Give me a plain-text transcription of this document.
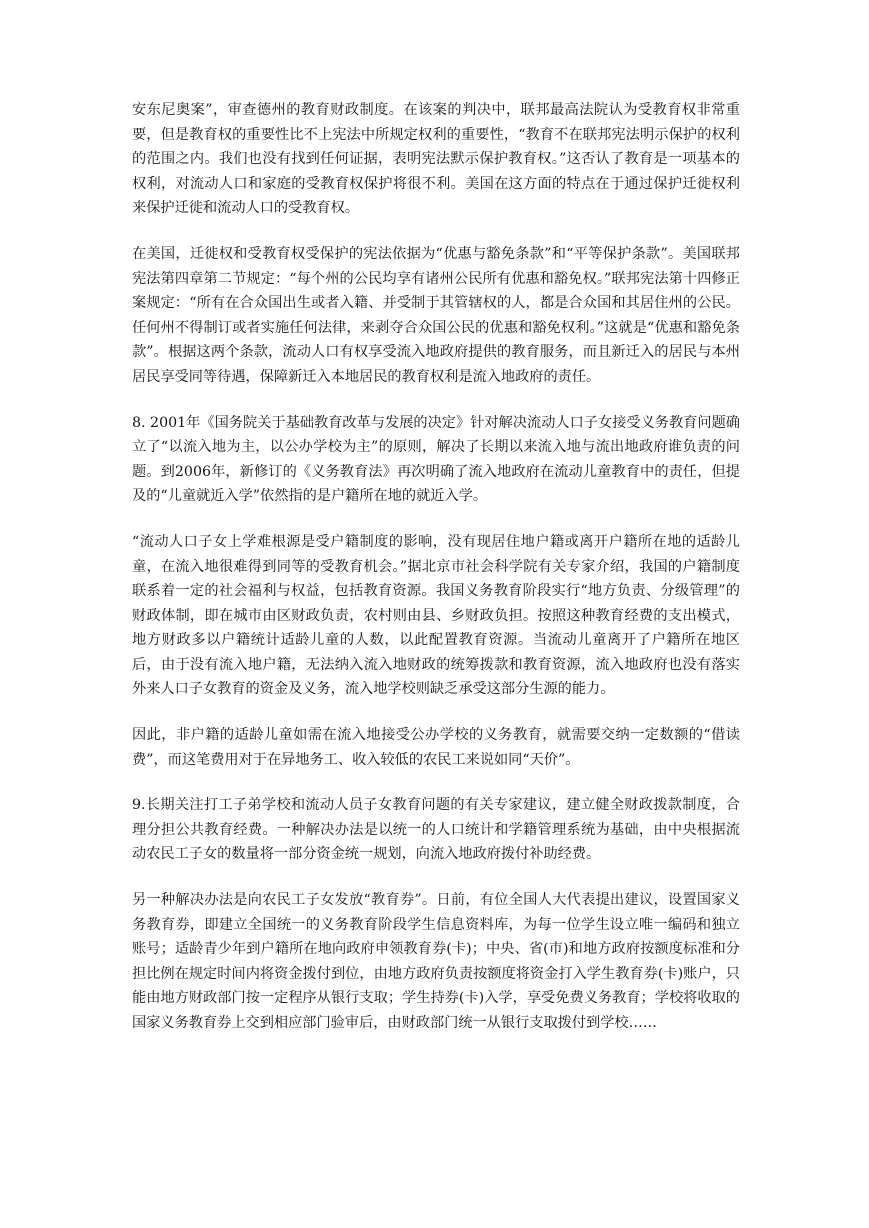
安东尼奥案”，审查德州的教育财政制度。在该案的判决中，联邦最高法院认为受教育权非常重要，但是教育权的重要性比不上宪法中所规定权利的重要性，“教育不在联邦宪法明示保护的权利的范围之内。我们也没有找到任何证据，表明宪法默示保护教育权。”这否认了教育是一项基本的权利，对流动人口和家庭的受教育权保护将很不利。美国在这方面的特点在于通过保护迁徙权利来保护迁徙和流动人口的受教育权。

在美国，迁徙权和受教育权受保护的宪法依据为“优惠与豁免条款”和“平等保护条款”。美国联邦宪法第四章第二节规定：“每个州的公民均享有诸州公民所有优惠和豁免权。”联邦宪法第十四修正案规定：“所有在合众国出生或者入籍、并受制于其管辖权的人，都是合众国和其居住州的公民。任何州不得制订或者实施任何法律，来剥夺合众国公民的优惠和豁免权利。”这就是“优惠和豁免条款”。根据这两个条款，流动人口有权享受流入地政府提供的教育服务，而且新迁入的居民与本州居民享受同等待遇，保障新迁入本地居民的教育权利是流入地政府的责任。

8. 2001年《国务院关于基础教育改革与发展的决定》针对解决流动人口子女接受义务教育问题确立了“以流入地为主，以公办学校为主”的原则，解决了长期以来流入地与流出地政府谁负责的问题。到2006年，新修订的《义务教育法》再次明确了流入地政府在流动儿童教育中的责任，但提及的“儿童就近入学”依然指的是户籍所在地的就近入学。

“流动人口子女上学难根源是受户籍制度的影响，没有现居住地户籍或离开户籍所在地的适龄儿童，在流入地很难得到同等的受教育机会。”据北京市社会科学院有关专家介绍，我国的户籍制度联系着一定的社会福利与权益，包括教育资源。我国义务教育阶段实行“地方负责、分级管理”的财政体制，即在城市由区财政负责，农村则由县、乡财政负担。按照这种教育经费的支出模式，地方财政多以户籍统计适龄儿童的人数，以此配置教育资源。当流动儿童离开了户籍所在地区后，由于没有流入地户籍，无法纳入流入地财政的统筹拨款和教育资源，流入地政府也没有落实外来人口子女教育的资金及义务，流入地学校则缺乏承受这部分生源的能力。

因此，非户籍的适龄儿童如需在流入地接受公办学校的义务教育，就需要交纳一定数额的“借读费”，而这笔费用对于在异地务工、收入较低的农民工来说如同“天价”。

9.长期关注打工子弟学校和流动人员子女教育问题的有关专家建议，建立健全财政拨款制度，合理分担公共教育经费。一种解决办法是以统一的人口统计和学籍管理系统为基础，由中央根据流动农民工子女的数量将一部分资金统一规划，向流入地政府拨付补助经费。

另一种解决办法是向农民工子女发放“教育券”。日前，有位全国人大代表提出建议，设置国家义务教育券，即建立全国统一的义务教育阶段学生信息资料库，为每一位学生设立唯一编码和独立账号；适龄青少年到户籍所在地向政府申领教育券(卡)；中央、省(市)和地方政府按额度标准和分担比例在规定时间内将资金拨付到位，由地方政府负责按额度将资金打入学生教育券(卡)账户，只能由地方财政部门按一定程序从银行支取；学生持券(卡)入学，享受免费义务教育；学校将收取的国家义务教育券上交到相应部门验审后，由财政部门统一从银行支取拨付到学校……
